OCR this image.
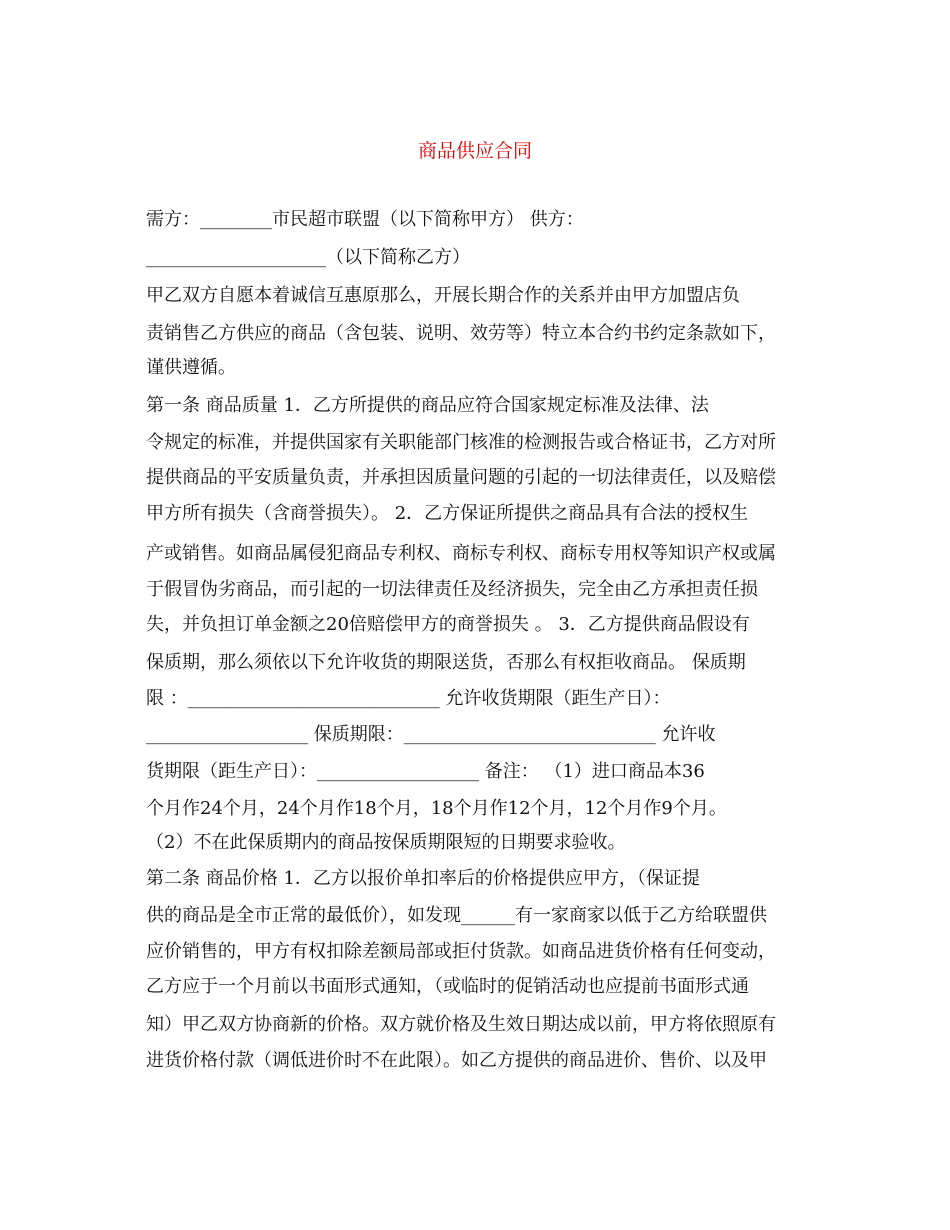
商品供应合同
需方：________市民超市联盟（以下简称甲方） 供方：
____________________（以下简称乙方）
甲乙双方自愿本着诚信互惠原那么，开展长期合作的关系并由甲方加盟店负
责销售乙方供应的商品（含包装、说明、效劳等）特立本合约书约定条款如下，
谨供遵循。
第一条 商品质量 1．乙方所提供的商品应符合国家规定标准及法律、法
令规定的标准，并提供国家有关职能部门核准的检测报告或合格证书，乙方对所
提供商品的平安质量负责，并承担因质量问题的引起的一切法律责任，以及赔偿
甲方所有损失（含商誉损失）。 2．乙方保证所提供之商品具有合法的授权生
产或销售。如商品属侵犯商品专利权、商标专利权、商标专用权等知识产权或属
于假冒伪劣商品，而引起的一切法律责任及经济损失，完全由乙方承担责任损
失，并负担订单金额之20倍赔偿甲方的商誉损失 。 3．乙方提供商品假设有
保质期，那么须依以下允许收货的期限送货，否那么有权拒收商品。 保质期
限 ：____________________________ 允许收货期限（距生产日）：
__________________ 保质期限：____________________________ 允许收
货期限（距生产日）：__________________ 备注： （1）进口商品本36
个月作24个月，24个月作18个月，18个月作12个月，12个月作9个月。
（2）不在此保质期内的商品按保质期限短的日期要求验收。
第二条 商品价格 1．乙方以报价单扣率后的价格提供应甲方，（保证提
供的商品是全市正常的最低价），如发现______有一家商家以低于乙方给联盟供
应价销售的，甲方有权扣除差额局部或拒付货款。如商品进货价格有任何变动，
乙方应于一个月前以书面形式通知，（或临时的促销活动也应提前书面形式通
知）甲乙双方协商新的价格。双方就价格及生效日期达成以前，甲方将依照原有
进货价格付款（调低进价时不在此限）。如乙方提供的商品进价、售价、以及甲
